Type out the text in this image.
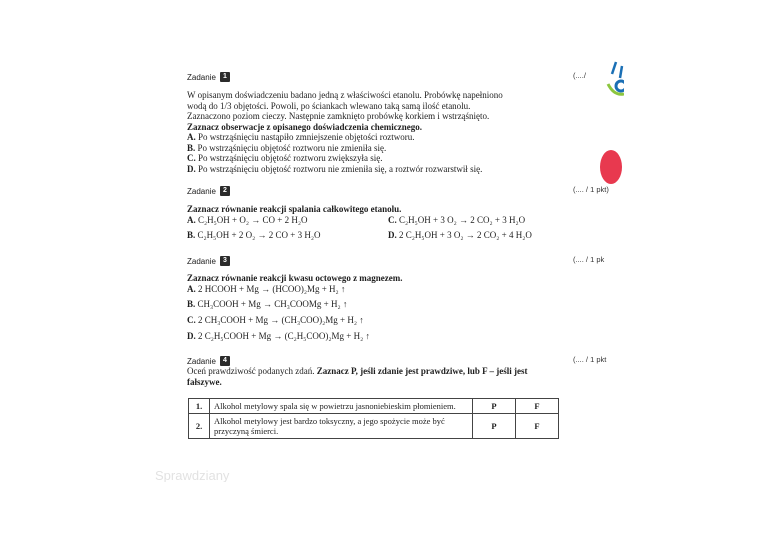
Zadanie	1	(..../

W opisanym doświadczeniu badano jedną z właściwości etanolu. Probówkę napełniono

wodą do 1/3 objętości. Powoli, po ściankach wlewano taką samą ilość etanolu.

Zaznaczono poziom cieczy. Następnie zamknięto probówkę korkiem i wstrząśnięto.

Zaznacz obserwacje z opisanego doświadczenia chemicznego.

A. Po wstrząśnięciu nastąpiło zmniejszenie objętości roztworu.

B. Po wstrząśnięciu objętość roztworu nie zmieniła się.

C. Po wstrząśnięciu objętość roztworu zwiększyła się.

D. Po wstrząśnięciu objętość roztworu nie zmieniła się, a roztwór rozwarstwił się.

Zadanie	2	(.... / 1 pkt)
Zaznacz równanie reakcji spalania całkowitego etanolu.
A. C₂H₅OH + O₂ → CO + 2 H₂O	C. C₂H₅OH + 3 O₂ → 2 CO₂ + 3 H₂O
B. C₂H₅OH + 2 O₂ → 2 CO + 3 H₂O	D. 2 C₂H₅OH + 3 O₂ → 2 CO₂ + 4 H₂O
Zadanie	3	(.... / 1 pk
Zaznacz równanie reakcji kwasu octowego z magnezem.
A. 2 HCOOH + Mg → (HCOO)₂Mg + H₂ ↑
B. CH₃COOH + Mg → CH₃COOMg + H₂ ↑
C. 2 CH₃COOH + Mg → (CH₃COO)₂Mg + H₂ ↑
D. 2 C₂H₅COOH + Mg → (C₂H₅COO)₂Mg + H₂ ↑
Zadanie	4	(.... / 1 pkt
Oceń prawdziwość podanych zdań. Zaznacz P, jeśli zdanie jest prawdziwe, lub F – jeśli jest fałszywe.
1.	Alkohol metylowy spala się w powietrzu jasnoniebieskim płomieniem.	P	F
2.	Alkohol metylowy jest bardzo toksyczny, a jego spożycie może być przyczyną śmierci.	P	F
Sprawdziany
